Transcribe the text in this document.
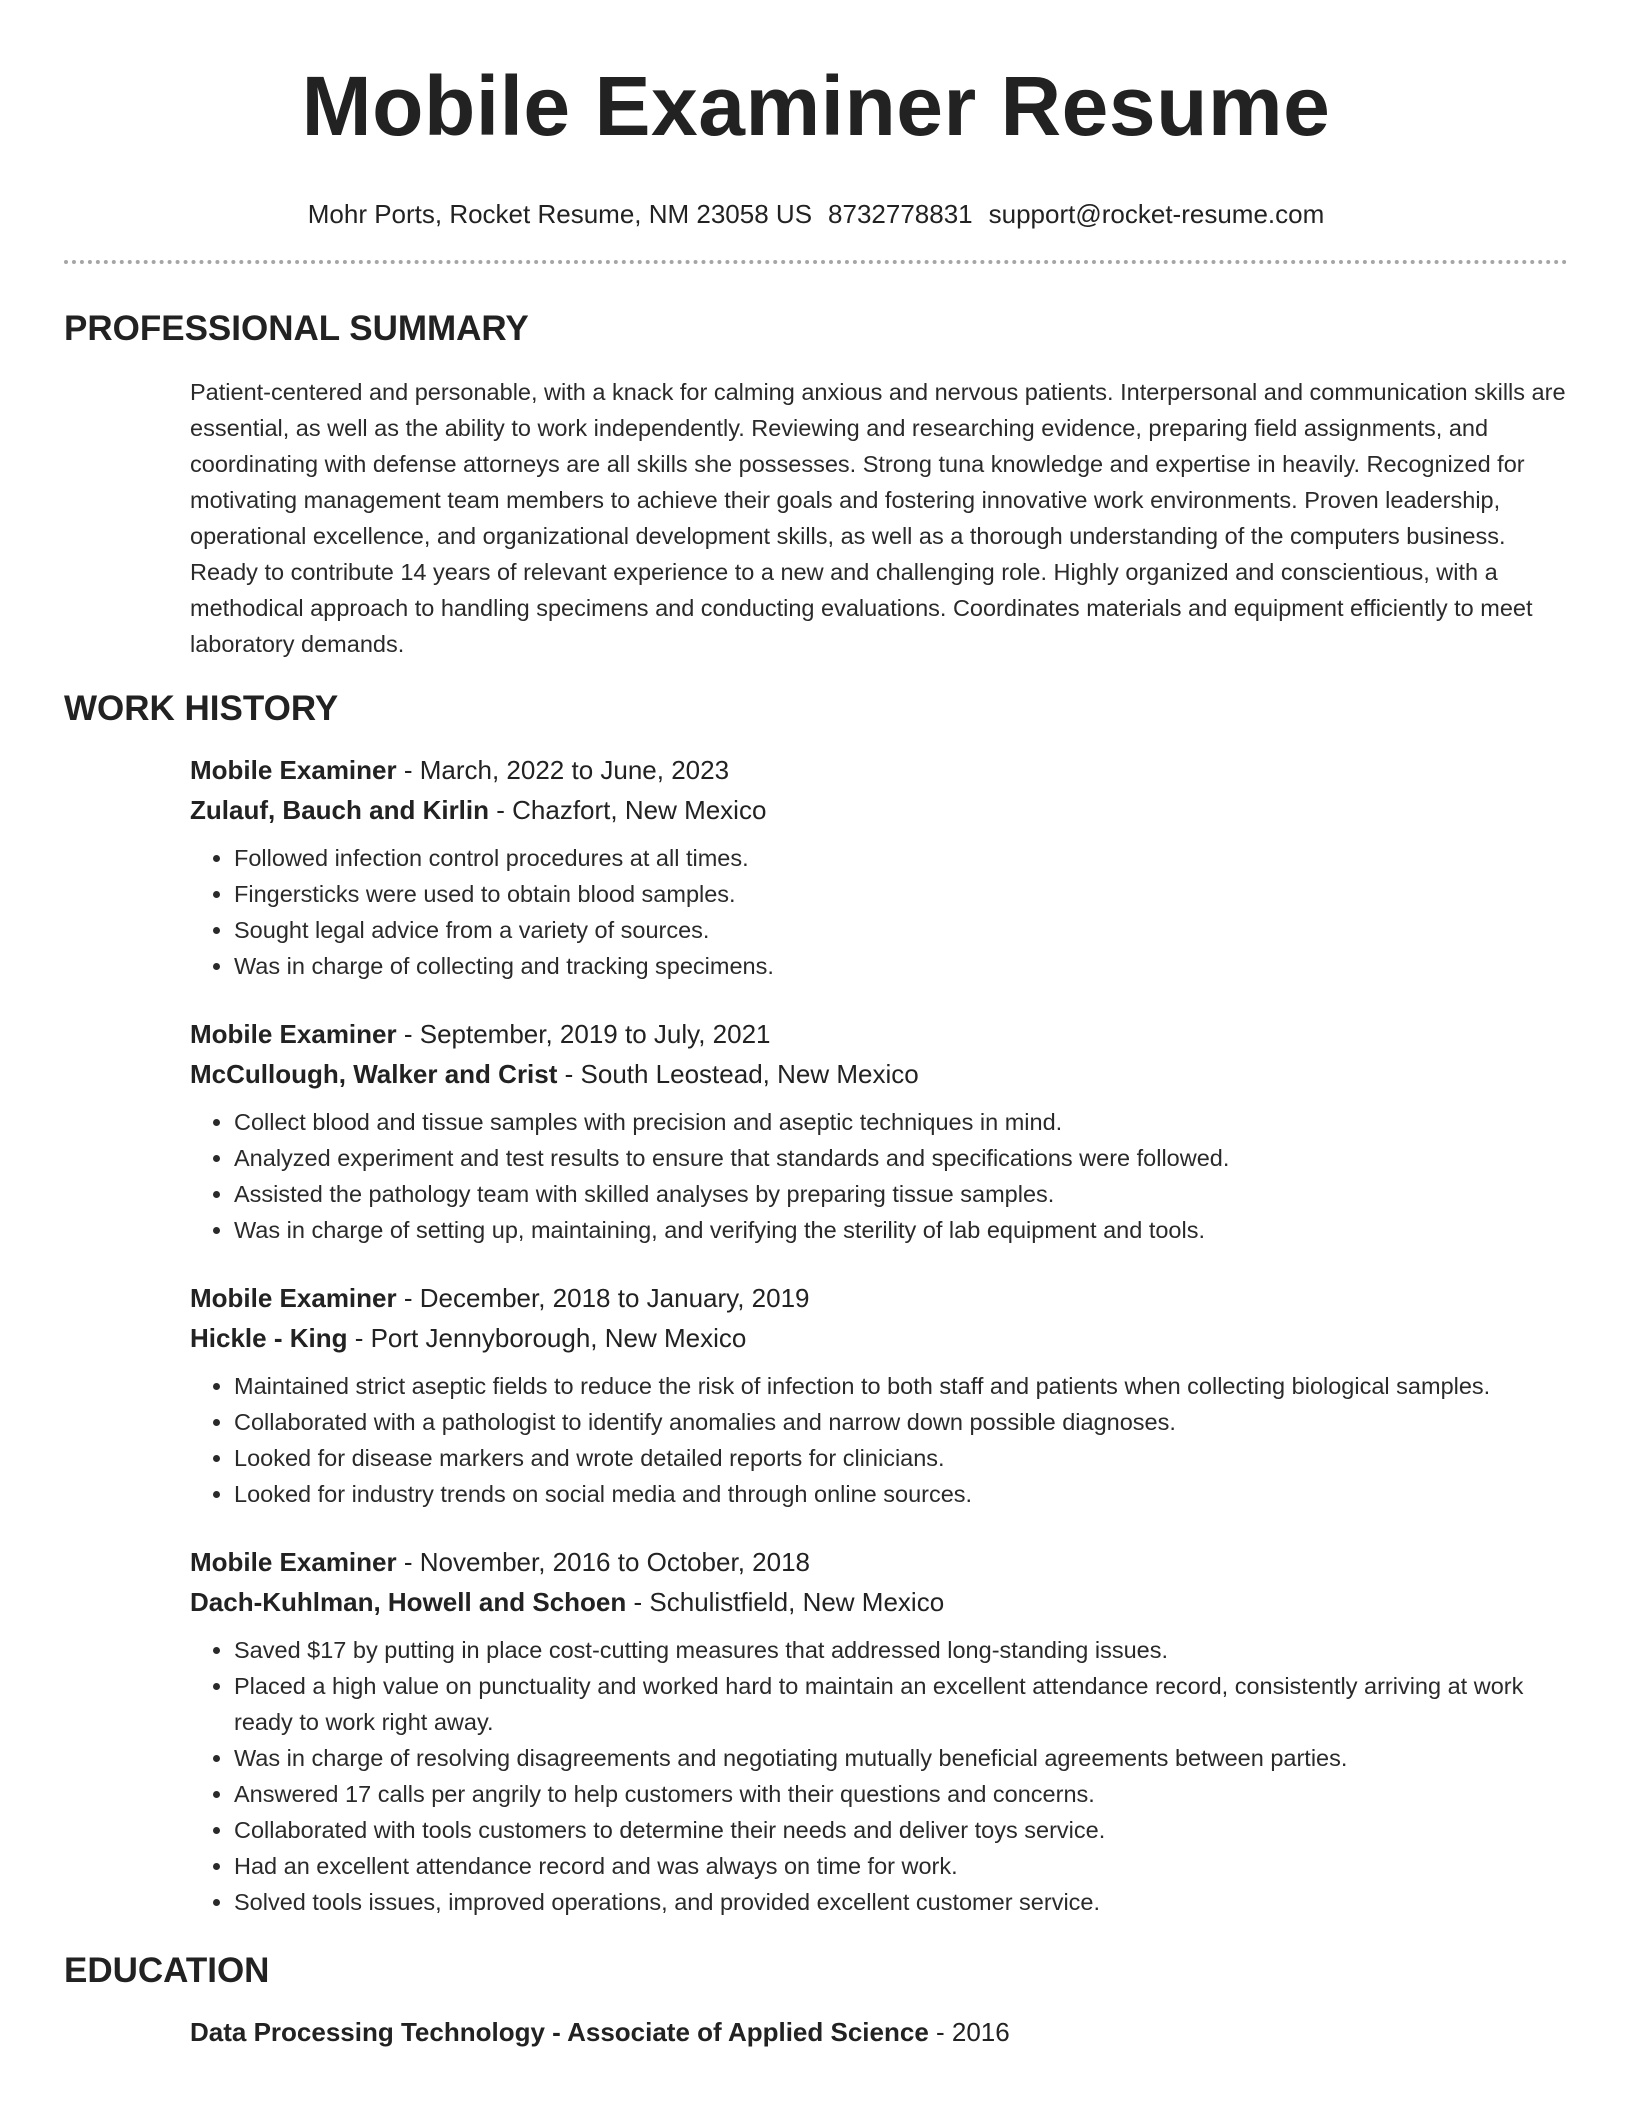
Mobile Examiner Resume
Mohr Ports, Rocket Resume, NM 23058 US 8732778831 support@rocket-resume.com
PROFESSIONAL SUMMARY
Patient-centered and personable, with a knack for calming anxious and nervous patients. Interpersonal and communication skills are essential, as well as the ability to work independently. Reviewing and researching evidence, preparing field assignments, and coordinating with defense attorneys are all skills she possesses. Strong tuna knowledge and expertise in heavily. Recognized for motivating management team members to achieve their goals and fostering innovative work environments. Proven leadership, operational excellence, and organizational development skills, as well as a thorough understanding of the computers business. Ready to contribute 14 years of relevant experience to a new and challenging role. Highly organized and conscientious, with a methodical approach to handling specimens and conducting evaluations. Coordinates materials and equipment efficiently to meet laboratory demands.
WORK HISTORY
Mobile Examiner - March, 2022 to June, 2023
Zulauf, Bauch and Kirlin - Chazfort, New Mexico
• Followed infection control procedures at all times.
• Fingersticks were used to obtain blood samples.
• Sought legal advice from a variety of sources.
• Was in charge of collecting and tracking specimens.
Mobile Examiner - September, 2019 to July, 2021
McCullough, Walker and Crist - South Leostead, New Mexico
• Collect blood and tissue samples with precision and aseptic techniques in mind.
• Analyzed experiment and test results to ensure that standards and specifications were followed.
• Assisted the pathology team with skilled analyses by preparing tissue samples.
• Was in charge of setting up, maintaining, and verifying the sterility of lab equipment and tools.
Mobile Examiner - December, 2018 to January, 2019
Hickle - King - Port Jennyborough, New Mexico
• Maintained strict aseptic fields to reduce the risk of infection to both staff and patients when collecting biological samples.
• Collaborated with a pathologist to identify anomalies and narrow down possible diagnoses.
• Looked for disease markers and wrote detailed reports for clinicians.
• Looked for industry trends on social media and through online sources.
Mobile Examiner - November, 2016 to October, 2018
Dach-Kuhlman, Howell and Schoen - Schulistfield, New Mexico
• Saved $17 by putting in place cost-cutting measures that addressed long-standing issues.
• Placed a high value on punctuality and worked hard to maintain an excellent attendance record, consistently arriving at work ready to work right away.
• Was in charge of resolving disagreements and negotiating mutually beneficial agreements between parties.
• Answered 17 calls per angrily to help customers with their questions and concerns.
• Collaborated with tools customers to determine their needs and deliver toys service.
• Had an excellent attendance record and was always on time for work.
• Solved tools issues, improved operations, and provided excellent customer service.
EDUCATION
Data Processing Technology - Associate of Applied Science - 2016
